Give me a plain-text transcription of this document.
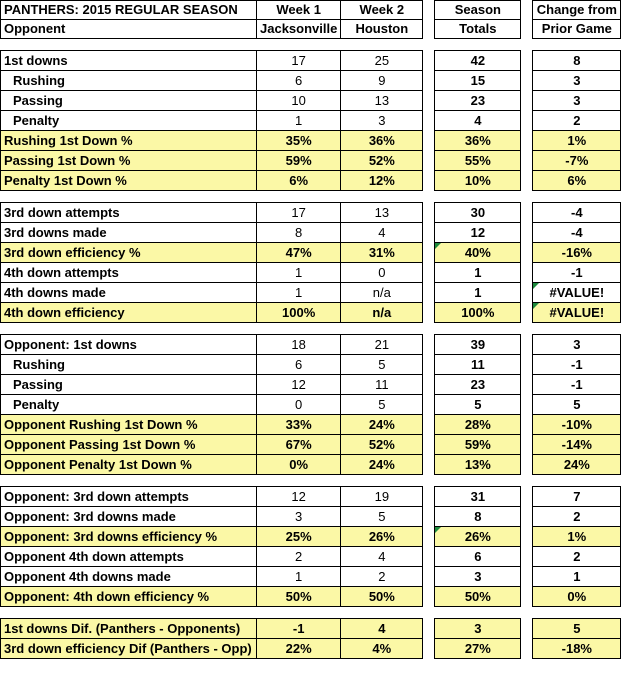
PANTHERS: 2015 REGULAR SEASON	Week 1	Week 2		Season		Change from
Opponent	Jacksonville	Houston		Totals		Prior Game

1st downs	17	25		42		8
Rushing	6	9		15		3
Passing	10	13		23		3
Penalty	1	3		4		2
Rushing 1st Down %	35%	36%		36%		1%
Passing 1st Down %	59%	52%		55%		-7%
Penalty 1st Down %	6%	12%		10%		6%

3rd down attempts	17	13		30		-4
3rd downs made	8	4		12		-4
3rd down efficiency %	47%	31%		40%		-16%
4th down attempts	1	0		1		-1
4th downs made	1	n/a		1		#VALUE!
4th down efficiency	100%	n/a		100%		#VALUE!

Opponent: 1st downs	18	21		39		3
Rushing	6	5		11		-1
Passing	12	11		23		-1
Penalty	0	5		5		5
Opponent Rushing 1st Down %	33%	24%		28%		-10%
Opponent Passing 1st Down %	67%	52%		59%		-14%
Opponent Penalty 1st Down %	0%	24%		13%		24%

Opponent: 3rd down attempts	12	19		31		7
Opponent: 3rd downs made	3	5		8		2
Opponent: 3rd downs efficiency %	25%	26%		26%		1%
Opponent 4th down attempts	2	4		6		2
Opponent 4th downs made	1	2		3		1
Opponent: 4th down efficiency %	50%	50%		50%		0%

1st downs Dif. (Panthers - Opponents)	-1	4		3		5
3rd down efficiency Dif (Panthers - Opp)	22%	4%		27%		-18%
